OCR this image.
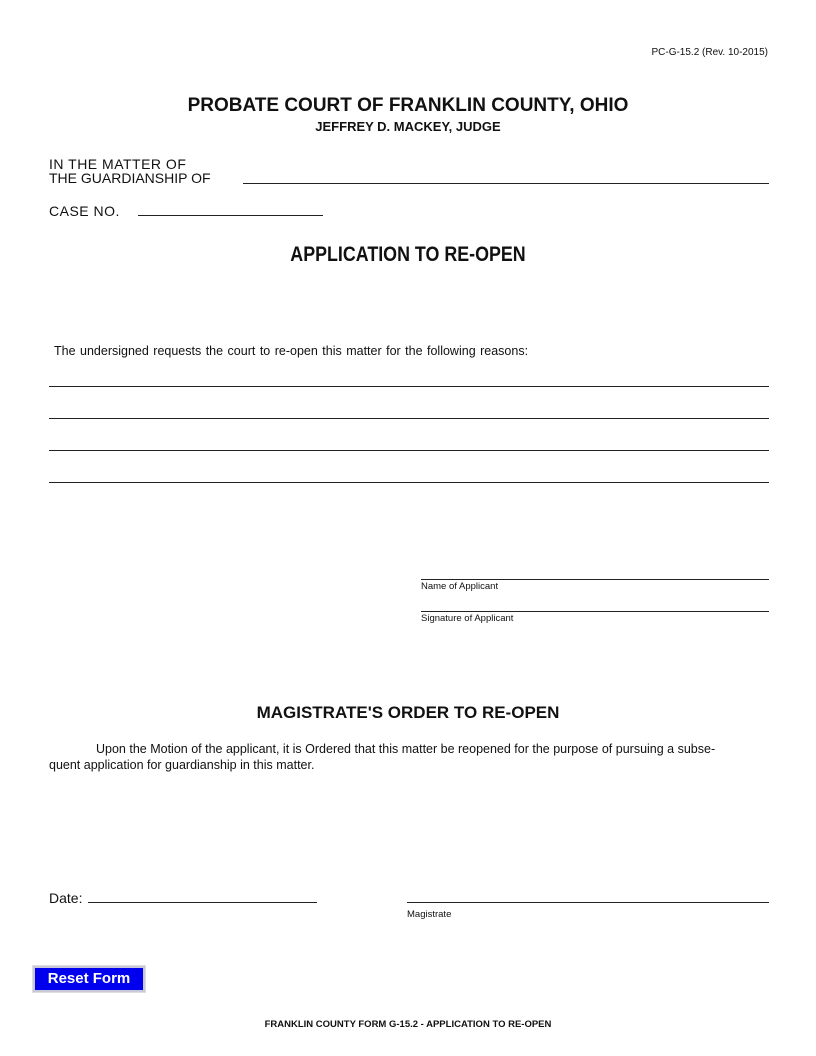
PC-G-15.2 (Rev. 10-2015)
PROBATE COURT OF FRANKLIN COUNTY, OHIO
JEFFREY D. MACKEY, JUDGE
IN THE MATTER OF
THE GUARDIANSHIP OF
CASE NO.
APPLICATION TO RE-OPEN
The undersigned requests the court to re-open this matter for the following reasons:
Name of Applicant
Signature of Applicant
MAGISTRATE'S ORDER TO RE-OPEN
Upon the Motion of the applicant, it is Ordered that this matter be reopened for the purpose of pursuing a subse-
quent application for guardianship in this matter.
Date:
Magistrate
Reset Form
FRANKLIN COUNTY FORM G-15.2 - APPLICATION TO RE-OPEN
